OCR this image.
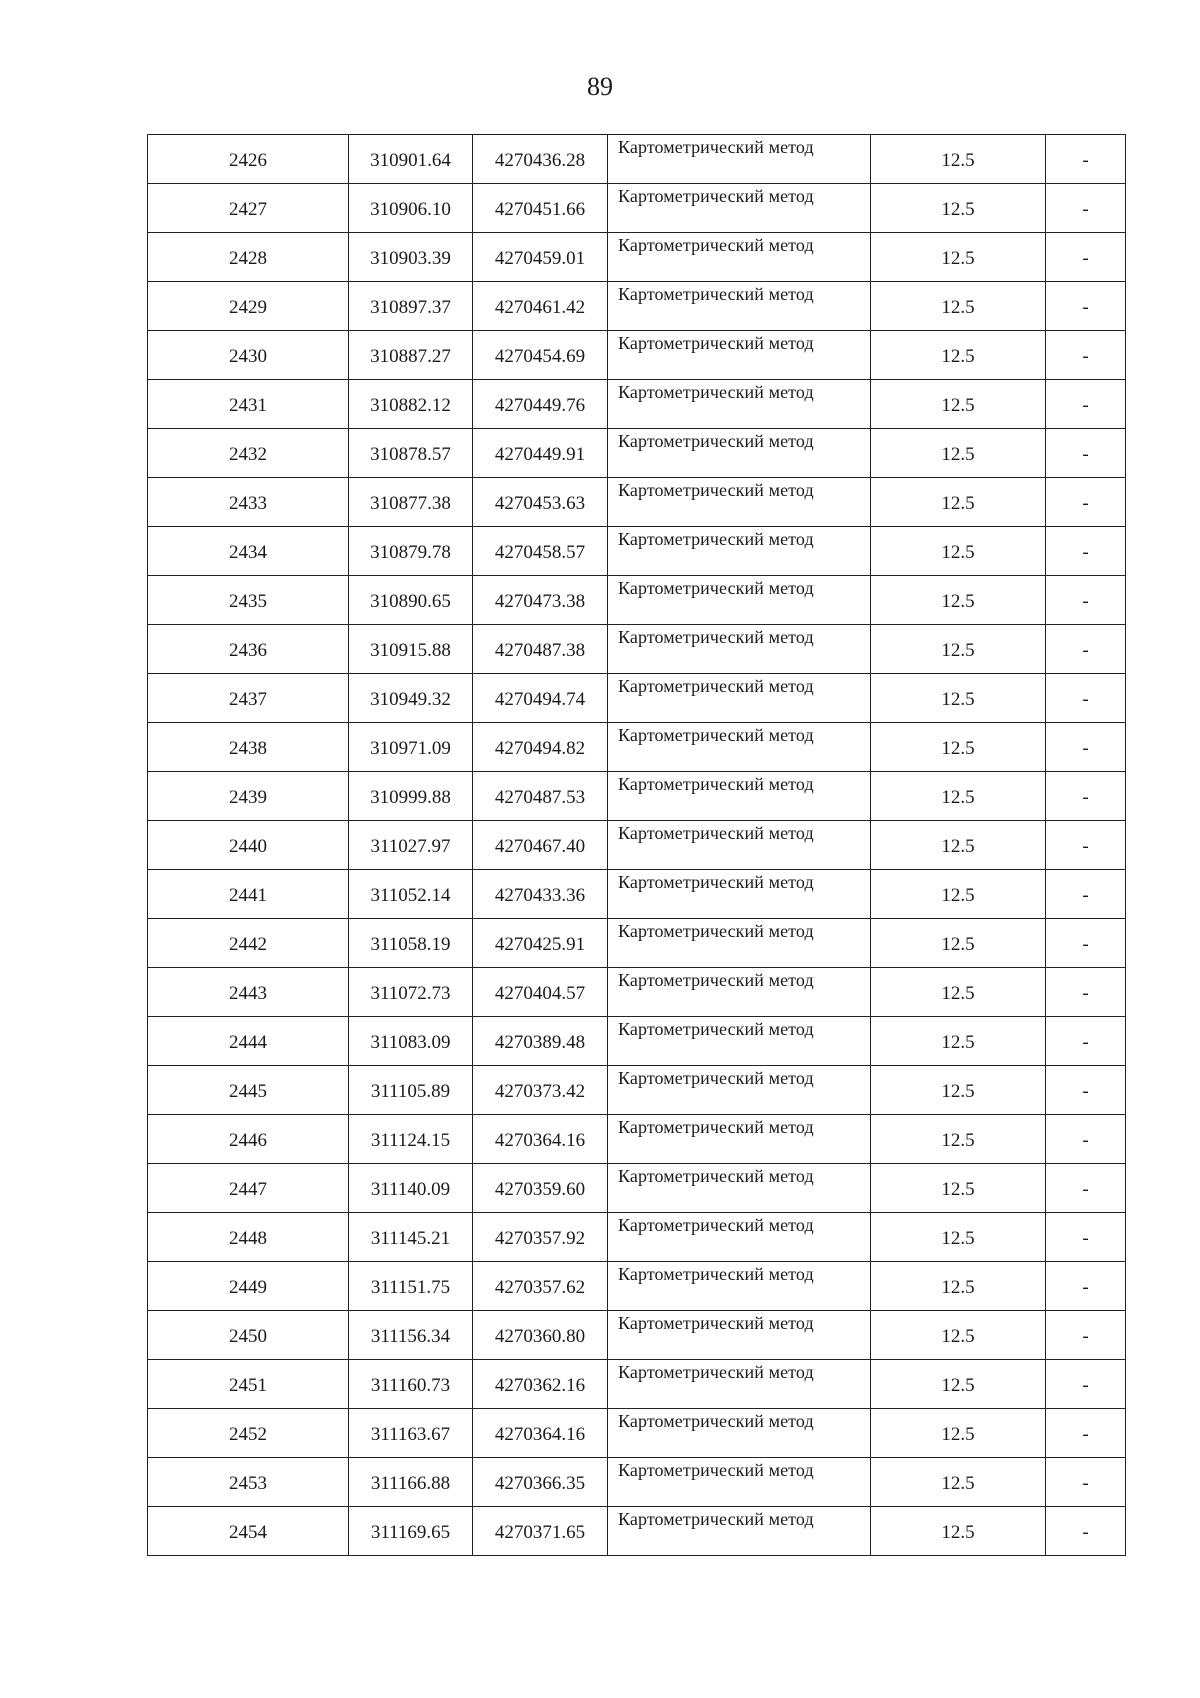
89
2426	310901.64	4270436.28	Картометрический метод	12.5	-
2427	310906.10	4270451.66	Картометрический метод	12.5	-
2428	310903.39	4270459.01	Картометрический метод	12.5	-
2429	310897.37	4270461.42	Картометрический метод	12.5	-
2430	310887.27	4270454.69	Картометрический метод	12.5	-
2431	310882.12	4270449.76	Картометрический метод	12.5	-
2432	310878.57	4270449.91	Картометрический метод	12.5	-
2433	310877.38	4270453.63	Картометрический метод	12.5	-
2434	310879.78	4270458.57	Картометрический метод	12.5	-
2435	310890.65	4270473.38	Картометрический метод	12.5	-
2436	310915.88	4270487.38	Картометрический метод	12.5	-
2437	310949.32	4270494.74	Картометрический метод	12.5	-
2438	310971.09	4270494.82	Картометрический метод	12.5	-
2439	310999.88	4270487.53	Картометрический метод	12.5	-
2440	311027.97	4270467.40	Картометрический метод	12.5	-
2441	311052.14	4270433.36	Картометрический метод	12.5	-
2442	311058.19	4270425.91	Картометрический метод	12.5	-
2443	311072.73	4270404.57	Картометрический метод	12.5	-
2444	311083.09	4270389.48	Картометрический метод	12.5	-
2445	311105.89	4270373.42	Картометрический метод	12.5	-
2446	311124.15	4270364.16	Картометрический метод	12.5	-
2447	311140.09	4270359.60	Картометрический метод	12.5	-
2448	311145.21	4270357.92	Картометрический метод	12.5	-
2449	311151.75	4270357.62	Картометрический метод	12.5	-
2450	311156.34	4270360.80	Картометрический метод	12.5	-
2451	311160.73	4270362.16	Картометрический метод	12.5	-
2452	311163.67	4270364.16	Картометрический метод	12.5	-
2453	311166.88	4270366.35	Картометрический метод	12.5	-
2454	311169.65	4270371.65	Картометрический метод	12.5	-
